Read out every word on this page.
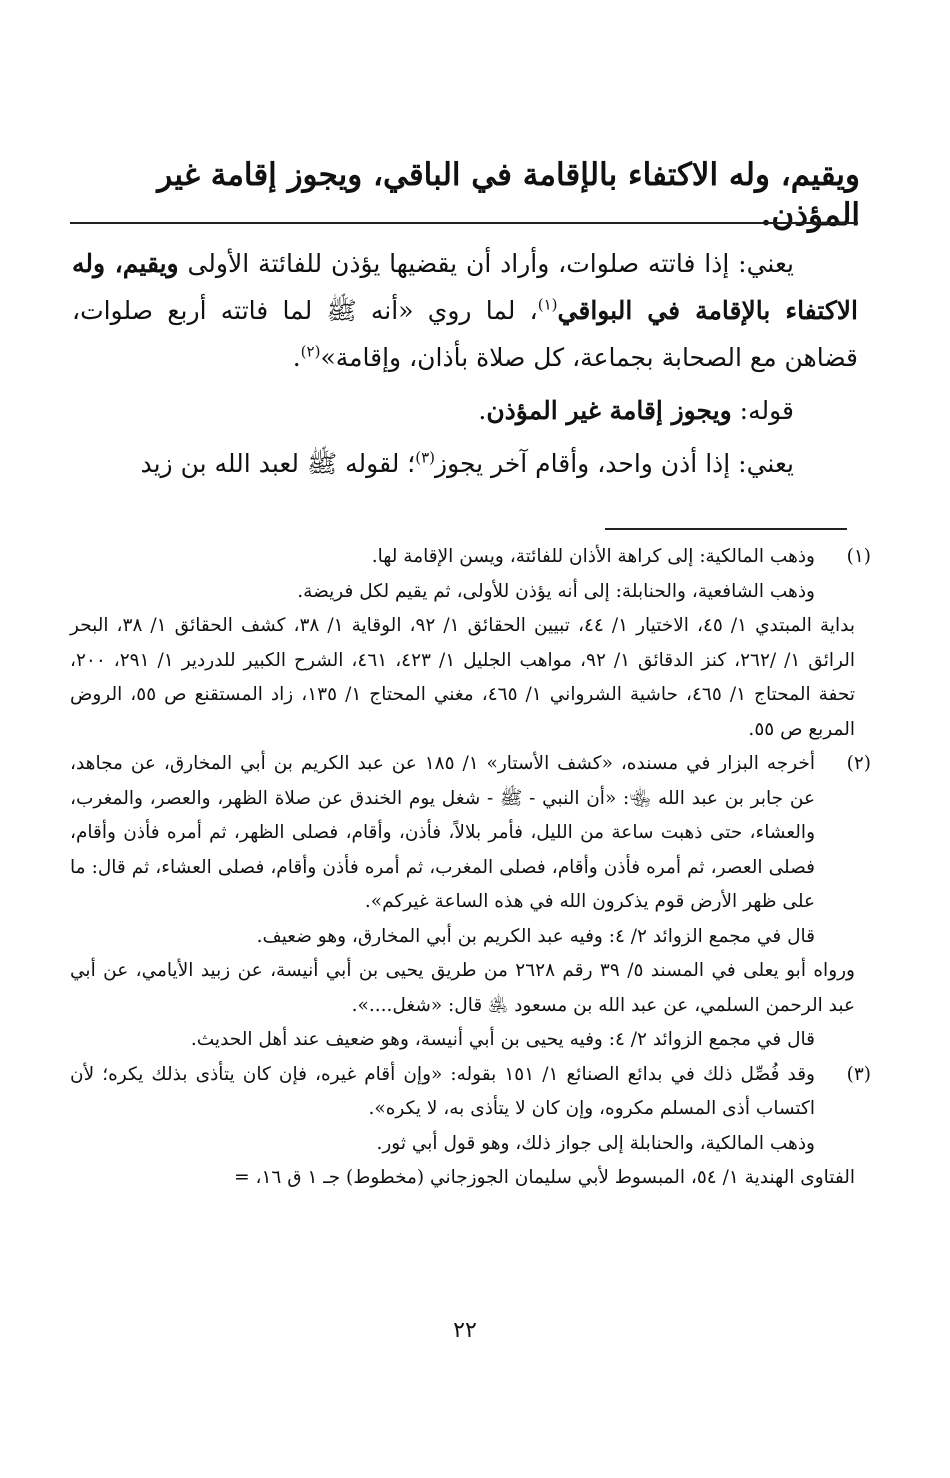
ويقيم، وله الاكتفاء بالإقامة في الباقي، ويجوز إقامة غير المؤذن.

يعني: إذا فاتته صلوات، وأراد أن يقضيها يؤذن للفائتة الأولى ويقيم، وله الاكتفاء بالإقامة في البواقي$^{(١)}$، لما روي «أنه ﷺ لما فاتته أربع صلوات، قضاهن مع الصحابة بجماعة، كل صلاة بأذان، وإقامة»$^{(٢)}$.

قوله: ويجوز إقامة غير المؤذن.

يعني: إذا أذن واحد، وأقام آخر يجوز$^{(٣)}$؛ لقوله ﷺ لعبد الله بن زيد

(١)

وذهب المالكية: إلى كراهة الأذان للفائتة، ويسن الإقامة لها.

وذهب الشافعية، والحنابلة: إلى أنه يؤذن للأولى، ثم يقيم لكل فريضة.

بداية المبتدي ١/ ٤٥، الاختيار ١/ ٤٤، تبيين الحقائق ١/ ٩٢، الوقاية ١/ ٣٨، كشف الحقائق ١/ ٣٨، البحر الرائق ١/ /٢٦٢، كنز الدقائق ١/ ٩٢، مواهب الجليل ١/ ٤٢٣، ٤٦١، الشرح الكبير للدردير ١/ ٢٩١، ٢٠٠، تحفة المحتاج ١/ ٤٦٥، حاشية الشرواني ١/ ٤٦٥، مغني المحتاج ١/ ١٣٥، زاد المستقنع ص ٥٥، الروض المربع ص ٥٥.

(٢)

أخرجه البزار في مسنده، «كشف الأستار» ١/ ١٨٥ عن عبد الكريم بن أبي المخارق، عن مجاهد، عن جابر بن عبد الله ﵄: «أن النبي - ﷺ - شغل يوم الخندق عن صلاة الظهر، والعصر، والمغرب، والعشاء، حتى ذهبت ساعة من الليل، فأمر بلالاً، فأذن، وأقام، فصلى الظهر، ثم أمره فأذن وأقام، فصلى العصر، ثم أمره فأذن وأقام، فصلى المغرب، ثم أمره فأذن وأقام، فصلى العشاء، ثم قال: ما على ظهر الأرض قوم يذكرون الله في هذه الساعة غيركم».

قال في مجمع الزوائد ٢/ ٤: وفيه عبد الكريم بن أبي المخارق، وهو ضعيف.

ورواه أبو يعلى في المسند ٥/ ٣٩ رقم ٢٦٢٨ من طريق يحيى بن أبي أنيسة، عن زبيد الأيامي، عن أبي عبد الرحمن السلمي، عن عبد الله بن مسعود ﵁ قال: «شغل....».

قال في مجمع الزوائد ٢/ ٤: وفيه يحيى بن أبي أنيسة، وهو ضعيف عند أهل الحديث.

(٣)

وقد فُصِّل ذلك في بدائع الصنائع ١/ ١٥١ بقوله: «وإن أقام غيره، فإن كان يتأذى بذلك يكره؛ لأن اكتساب أذى المسلم مكروه، وإن كان لا يتأذى به، لا يكره».

وذهب المالكية، والحنابلة إلى جواز ذلك، وهو قول أبي ثور.

الفتاوى الهندية ١/ ٥٤، المبسوط لأبي سليمان الجوزجاني (مخطوط) جـ ١ ق ١٦، =

٢٢
